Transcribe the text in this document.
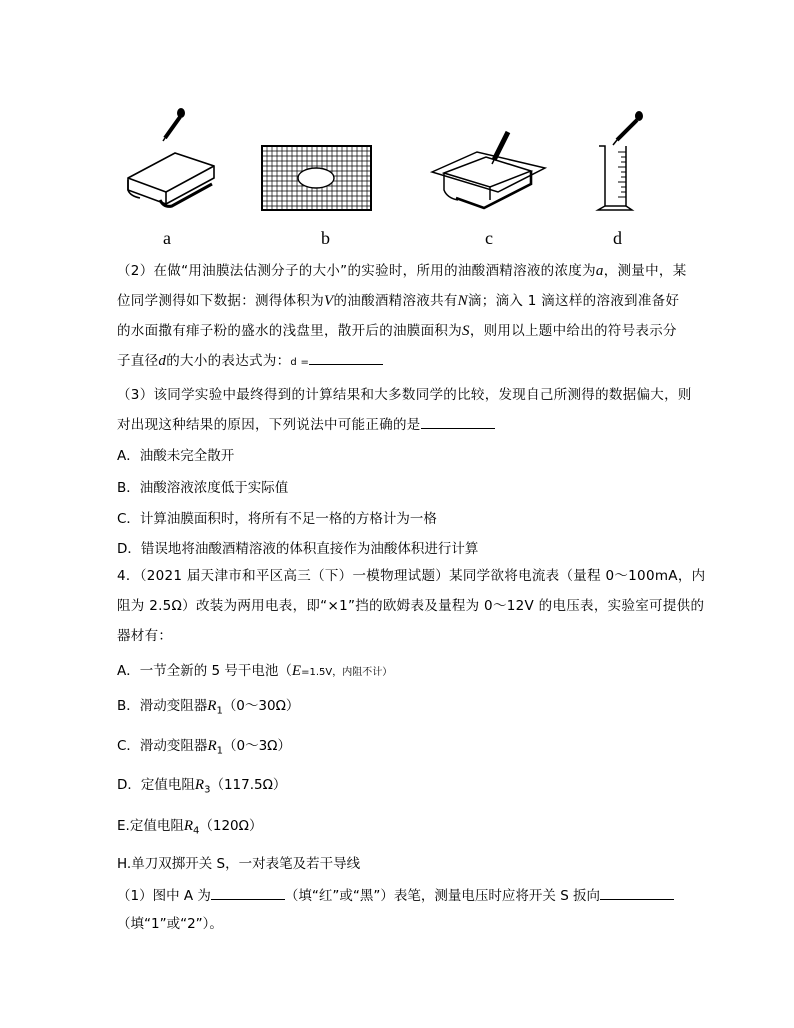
a	b	c	d
（2）在做“用油膜法估测分子的大小”的实验时，所用的油酸酒精溶液的浓度为a，测量中，某
位同学测得如下数据：测得体积为V的油酸酒精溶液共有N滴；滴入 1 滴这样的溶液到准备好
的水面撒有痱子粉的盛水的浅盘里，散开后的油膜面积为S，则用以上题中给出的符号表示分
子直径d的大小的表达式为：d =
（3）该同学实验中最终得到的计算结果和大多数同学的比较，发现自己所测得的数据偏大，则
对出现这种结果的原因，下列说法中可能正确的是
A．油酸未完全散开
B．油酸溶液浓度低于实际值
C．计算油膜面积时，将所有不足一格的方格计为一格
D．错误地将油酸酒精溶液的体积直接作为油酸体积进行计算
4．（2021 届天津市和平区高三（下）一模物理试题）某同学欲将电流表（量程 0～100mA，内
阻为 2.5Ω）改装为两用电表，即“×1”挡的欧姆表及量程为 0～12V 的电压表，实验室可提供的
器材有：
A．一节全新的 5 号干电池（E=1.5V，内阻不计）
B．滑动变阻器$R_1(0\sim 30\Omega)$
C．滑动变阻器$R_1(0\sim 3\Omega)$
D．定值电阻$R_3(117.5\Omega)$
E.定值电阻$R_4(120\Omega)$
H.单刀双掷开关 S，一对表笔及若干导线
（1）图中 A 为	（填“红”或“黑”）表笔，测量电压时应将开关 S 扳向
（填“1”或“2”）。
